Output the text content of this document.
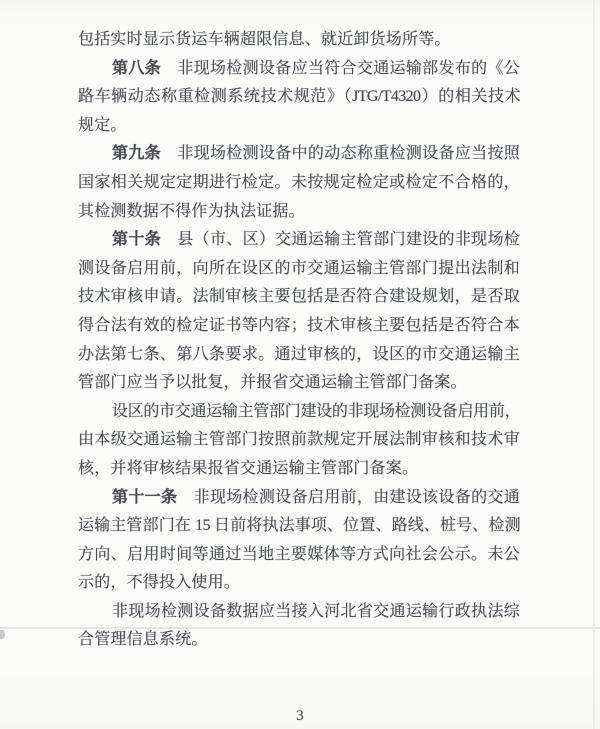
包括实时显示货运车辆超限信息、就近卸货场所等。
第八条　非现场检测设备应当符合交通运输部发布的《公
路车辆动态称重检测系统技术规范》（JTG/T4320）的相关技术
规定。
第九条　非现场检测设备中的动态称重检测设备应当按照
国家相关规定定期进行检定。未按规定检定或检定不合格的，
其检测数据不得作为执法证据。
第十条　县（市、区）交通运输主管部门建设的非现场检
测设备启用前，向所在设区的市交通运输主管部门提出法制和
技术审核申请。法制审核主要包括是否符合建设规划，是否取
得合法有效的检定证书等内容；技术审核主要包括是否符合本
办法第七条、第八条要求。通过审核的，设区的市交通运输主
管部门应当予以批复，并报省交通运输主管部门备案。
设区的市交通运输主管部门建设的非现场检测设备启用前，
由本级交通运输主管部门按照前款规定开展法制审核和技术审
核，并将审核结果报省交通运输主管部门备案。
第十一条　非现场检测设备启用前，由建设该设备的交通
运输主管部门在 15 日前将执法事项、位置、路线、桩号、检测
方向、启用时间等通过当地主要媒体等方式向社会公示。未公
示的，不得投入使用。
非现场检测设备数据应当接入河北省交通运输行政执法综
合管理信息系统。
3
